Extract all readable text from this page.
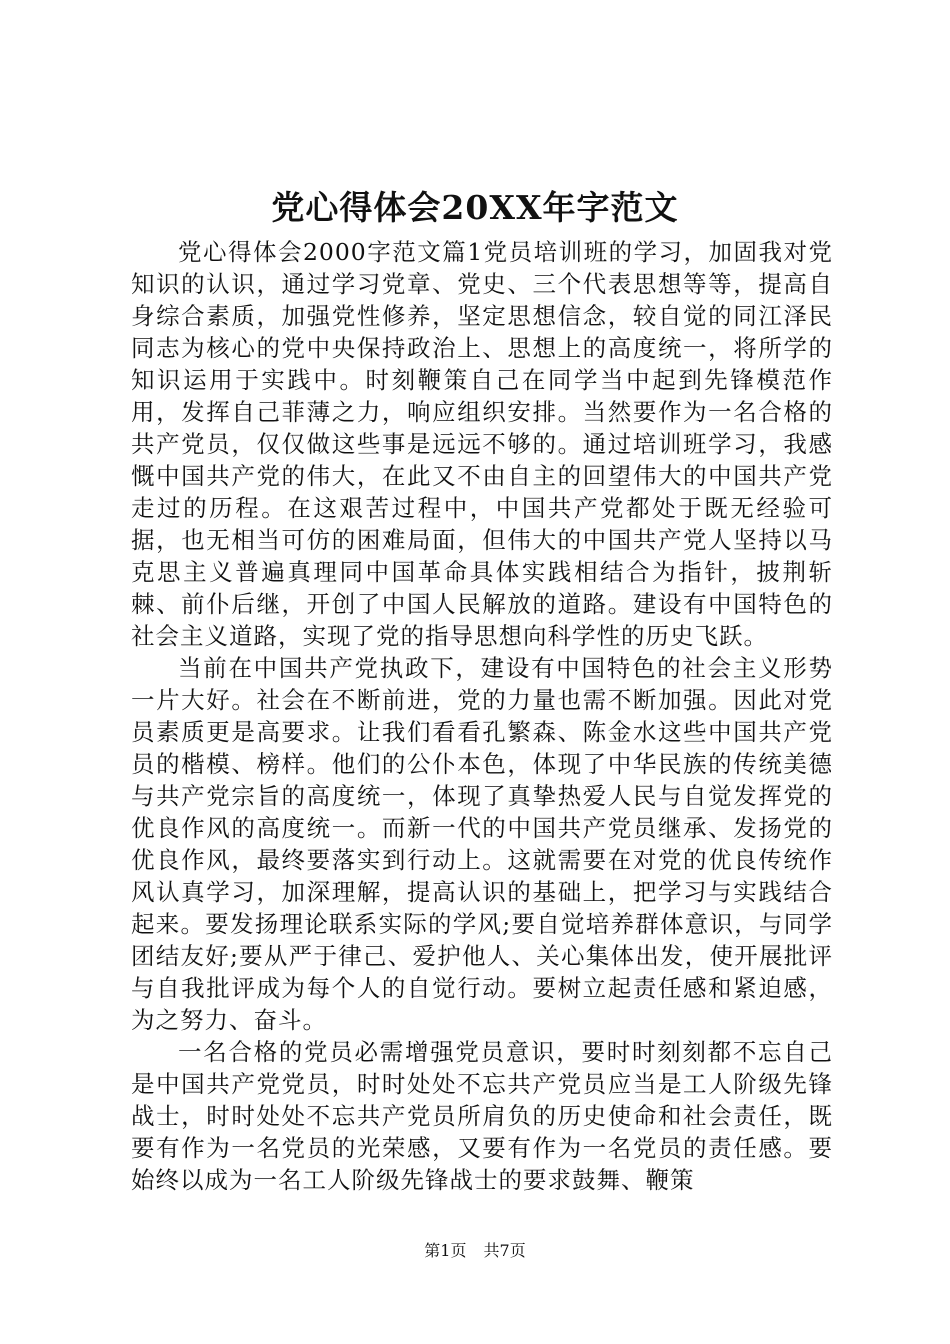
党心得体会20XX年字范文

党心得体会2000字范文篇1党员培训班的学习，加固我对党知识的认识，通过学习党章、党史、三个代表思想等等，提高自身综合素质，加强党性修养，坚定思想信念，较自觉的同江泽民同志为核心的党中央保持政治上、思想上的高度统一，将所学的知识运用于实践中。时刻鞭策自己在同学当中起到先锋模范作用，发挥自己菲薄之力，响应组织安排。当然要作为一名合格的共产党员，仅仅做这些事是远远不够的。通过培训班学习，我感慨中国共产党的伟大，在此又不由自主的回望伟大的中国共产党走过的历程。在这艰苦过程中，中国共产党都处于既无经验可据，也无相当可仿的困难局面，但伟大的中国共产党人坚持以马克思主义普遍真理同中国革命具体实践相结合为指针，披荆斩棘、前仆后继，开创了中国人民解放的道路。建设有中国特色的社会主义道路，实现了党的指导思想向科学性的历史飞跃。

当前在中国共产党执政下，建设有中国特色的社会主义形势一片大好。社会在不断前进，党的力量也需不断加强。因此对党员素质更是高要求。让我们看看孔繁森、陈金水这些中国共产党员的楷模、榜样。他们的公仆本色，体现了中华民族的传统美德与共产党宗旨的高度统一，体现了真挚热爱人民与自觉发挥党的优良作风的高度统一。而新一代的中国共产党员继承、发扬党的优良作风，最终要落实到行动上。这就需要在对党的优良传统作风认真学习，加深理解，提高认识的基础上，把学习与实践结合起来。要发扬理论联系实际的学风;要自觉培养群体意识，与同学团结友好;要从严于律己、爱护他人、关心集体出发，使开展批评与自我批评成为每个人的自觉行动。要树立起责任感和紧迫感，为之努力、奋斗。

一名合格的党员必需增强党员意识，要时时刻刻都不忘自己是中国共产党党员，时时处处不忘共产党员应当是工人阶级先锋战士，时时处处不忘共产党员所肩负的历史使命和社会责任，既要有作为一名党员的光荣感，又要有作为一名党员的责任感。要始终以成为一名工人阶级先锋战士的要求鼓舞、鞭策

第1页 共7页
